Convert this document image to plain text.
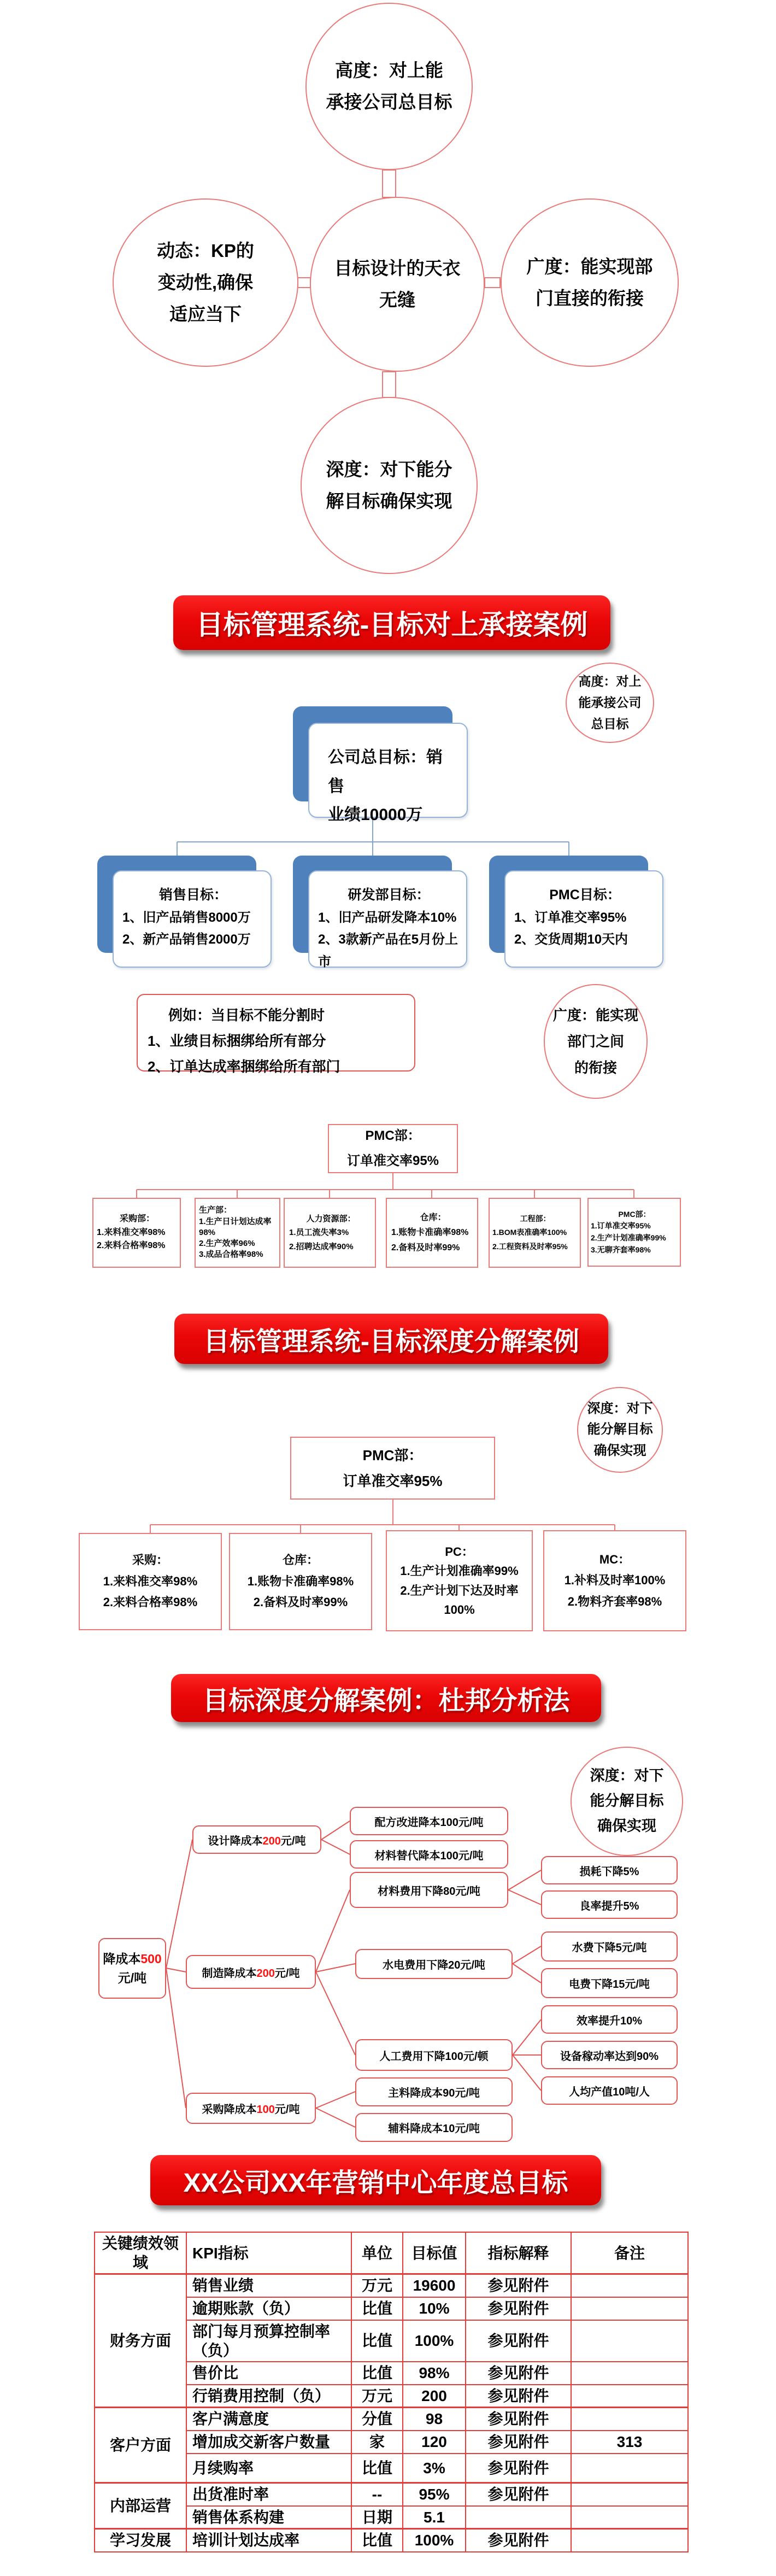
高度：对上能
承接公司总目标
动态：KP的
变动性,确保
适应当下
目标设计的天衣
无缝
广度：能实现部
门直接的衔接
深度：对下能分
解目标确保实现
目标管理系统-目标对上承接案例
高度：对上
能承接公司
总目标
公司总目标：销售
业绩10000万
销售目标：
1、旧产品销售8000万
2、新产品销售2000万
研发部目标：
1、旧产品研发降本10%
2、3款新产品在5月份上市
PMC目标：
1、订单准交率95%
2、交货周期10天内
例如：当目标不能分割时
1、业绩目标捆绑给所有部分
2、订单达成率捆绑给所有部门
广度：能实现
部门之间
的衔接
PMC部：
订单准交率95%
采购部：
1.来料准交率98%
2.来料合格率98%
生产部：
1.生产日计划达成率98%
2.生产效率96%
3.成品合格率98%
人力资源部：
1.员工流失率3%
2.招聘达成率90%
仓库：
1.账物卡准确率98%
2.备料及时率99%
工程部：
1.BOM表准确率100%
2.工程资料及时率95%
PMC部：
1.订单准交率95%
2.生产计划准确率99%
3.无聊齐套率98%
目标管理系统-目标深度分解案例
深度：对下
能分解目标
确保实现
PMC部：
订单准交率95%
采购：
1.来料准交率98%
2.来料合格率98%
仓库：
1.账物卡准确率98%
2.备料及时率99%
PC：
1.生产计划准确率99%
2.生产计划下达及时率100%
MC：
1.补料及时率100%
2.物料齐套率98%
目标深度分解案例：杜邦分析法
深度：对下
能分解目标
确保实现
降成本500
元/吨
设计降成本200元/吨
制造降成本200元/吨
采购降成本100元/吨
配方改进降本100元/吨
材料替代降本100元/吨
材料费用下降80元/吨
水电费用下降20元/吨
人工费用下降100元/顿
主料降成本90元/吨
辅料降成本10元/吨
损耗下降5%
良率提升5%
水费下降5元/吨
电费下降15元/吨
效率提升10%
设备稼动率达到90%
人均产值10吨/人
XX公司XX年营销中心年度总目标
关键绩效领域	KPI指标	单位	目标值	指标解释	备注
财务方面	销售业绩	万元	19600	参见附件	
	逾期账款（负）	比值	10%	参见附件	
	部门每月预算控制率（负）	比值	100%	参见附件	
	售价比	比值	98%	参见附件	
	行销费用控制（负）	万元	200	参见附件	
客户方面	客户满意度	分值	98	参见附件	
	增加成交新客户数量	家	120	参见附件	313
	月续购率	比值	3%	参见附件	
内部运营	出货准时率	--	95%	参见附件	
	销售体系构建	日期	5.1		
学习发展	培训计划达成率	比值	100%	参见附件	
